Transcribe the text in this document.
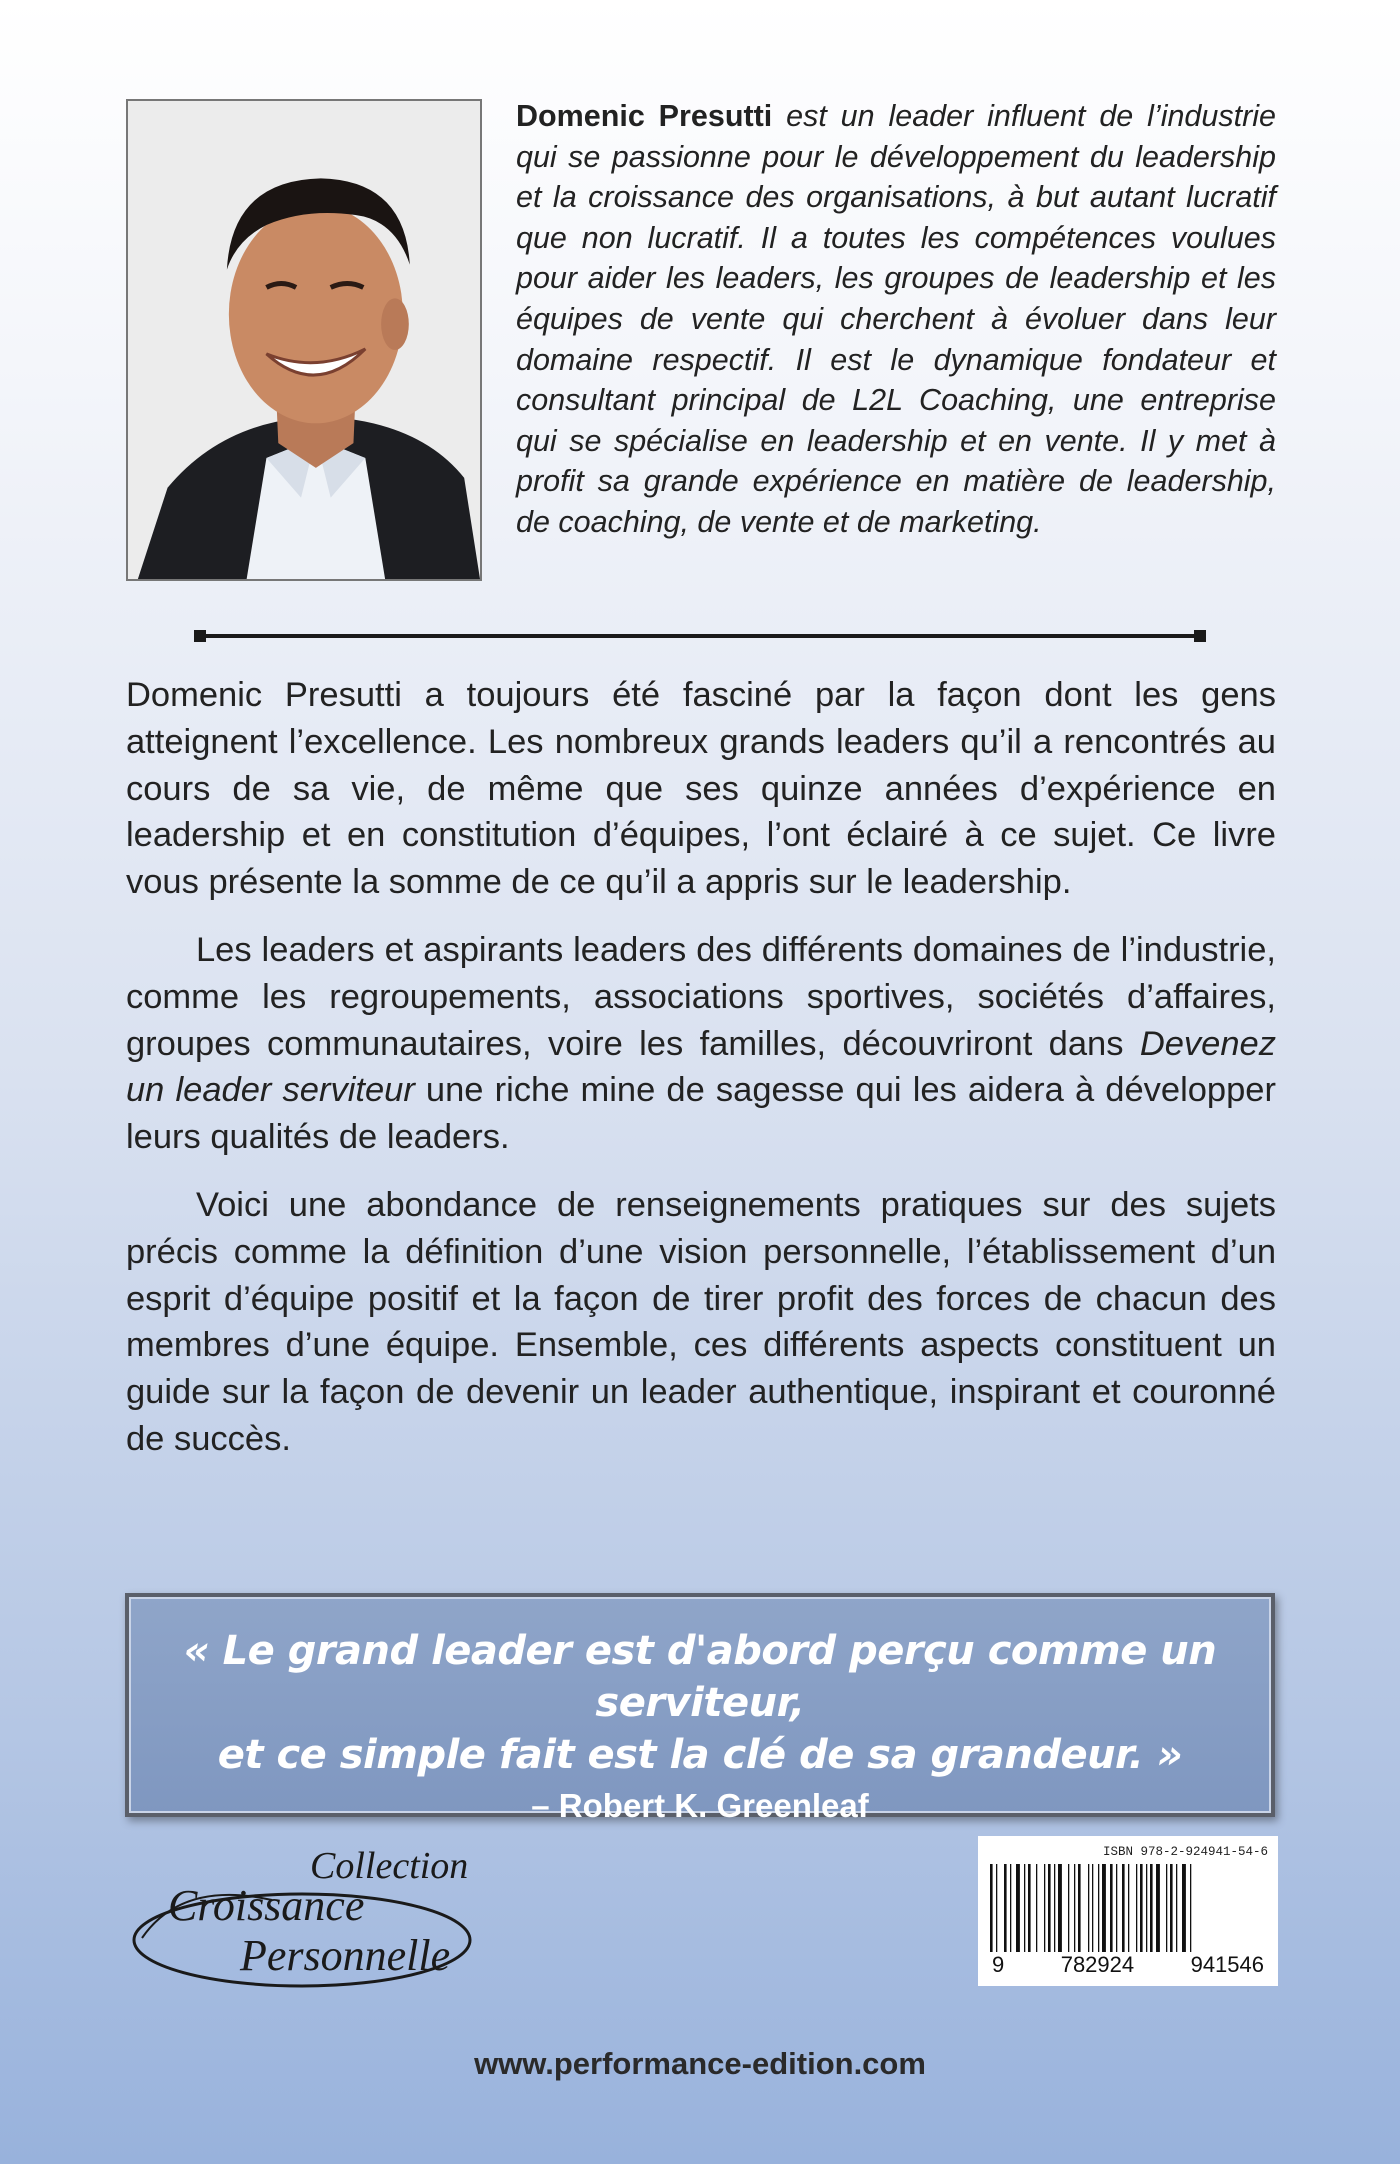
Domenic Presutti est un leader influent de l’industrie qui se passionne pour le développement du leadership et la croissance des organisations, à but autant lucratif que non lucratif. Il a toutes les compétences voulues pour aider les leaders, les groupes de leadership et les équipes de vente qui cherchent à évoluer dans leur domaine respectif. Il est le dynamique fondateur et consultant principal de L2L Coaching, une entreprise qui se spécialise en leadership et en vente. Il y met à profit sa grande expérience en matière de leadership, de coaching, de vente et de marketing.

Domenic Presutti a toujours été fasciné par la façon dont les gens atteignent l’excellence. Les nombreux grands leaders qu’il a rencontrés au cours de sa vie, de même que ses quinze années d’expérience en leadership et en constitution d’équipes, l’ont éclairé à ce sujet. Ce livre vous présente la somme de ce qu’il a appris sur le leadership.

Les leaders et aspirants leaders des différents domaines de l’industrie, comme les regroupements, associations sportives, sociétés d’affaires, groupes communautaires, voire les familles, découvriront dans Devenez un leader serviteur une riche mine de sagesse qui les aidera à développer leurs qualités de leaders.

Voici une abondance de renseignements pratiques sur des sujets précis comme la définition d’une vision personnelle, l’établissement d’un esprit d’équipe positif et la façon de tirer profit des forces de chacun des membres d’une équipe. Ensemble, ces différents aspects constituent un guide sur la façon de devenir un leader authentique, inspirant et couronné de succès.

« Le grand leader est d'abord perçu comme un serviteur,
et ce simple fait est la clé de sa grandeur. »
– Robert K. Greenleaf
Collection
Croissance
Personnelle
ISBN 978-2-924941-54-6
9	782924	941546
www.performance-edition.com
